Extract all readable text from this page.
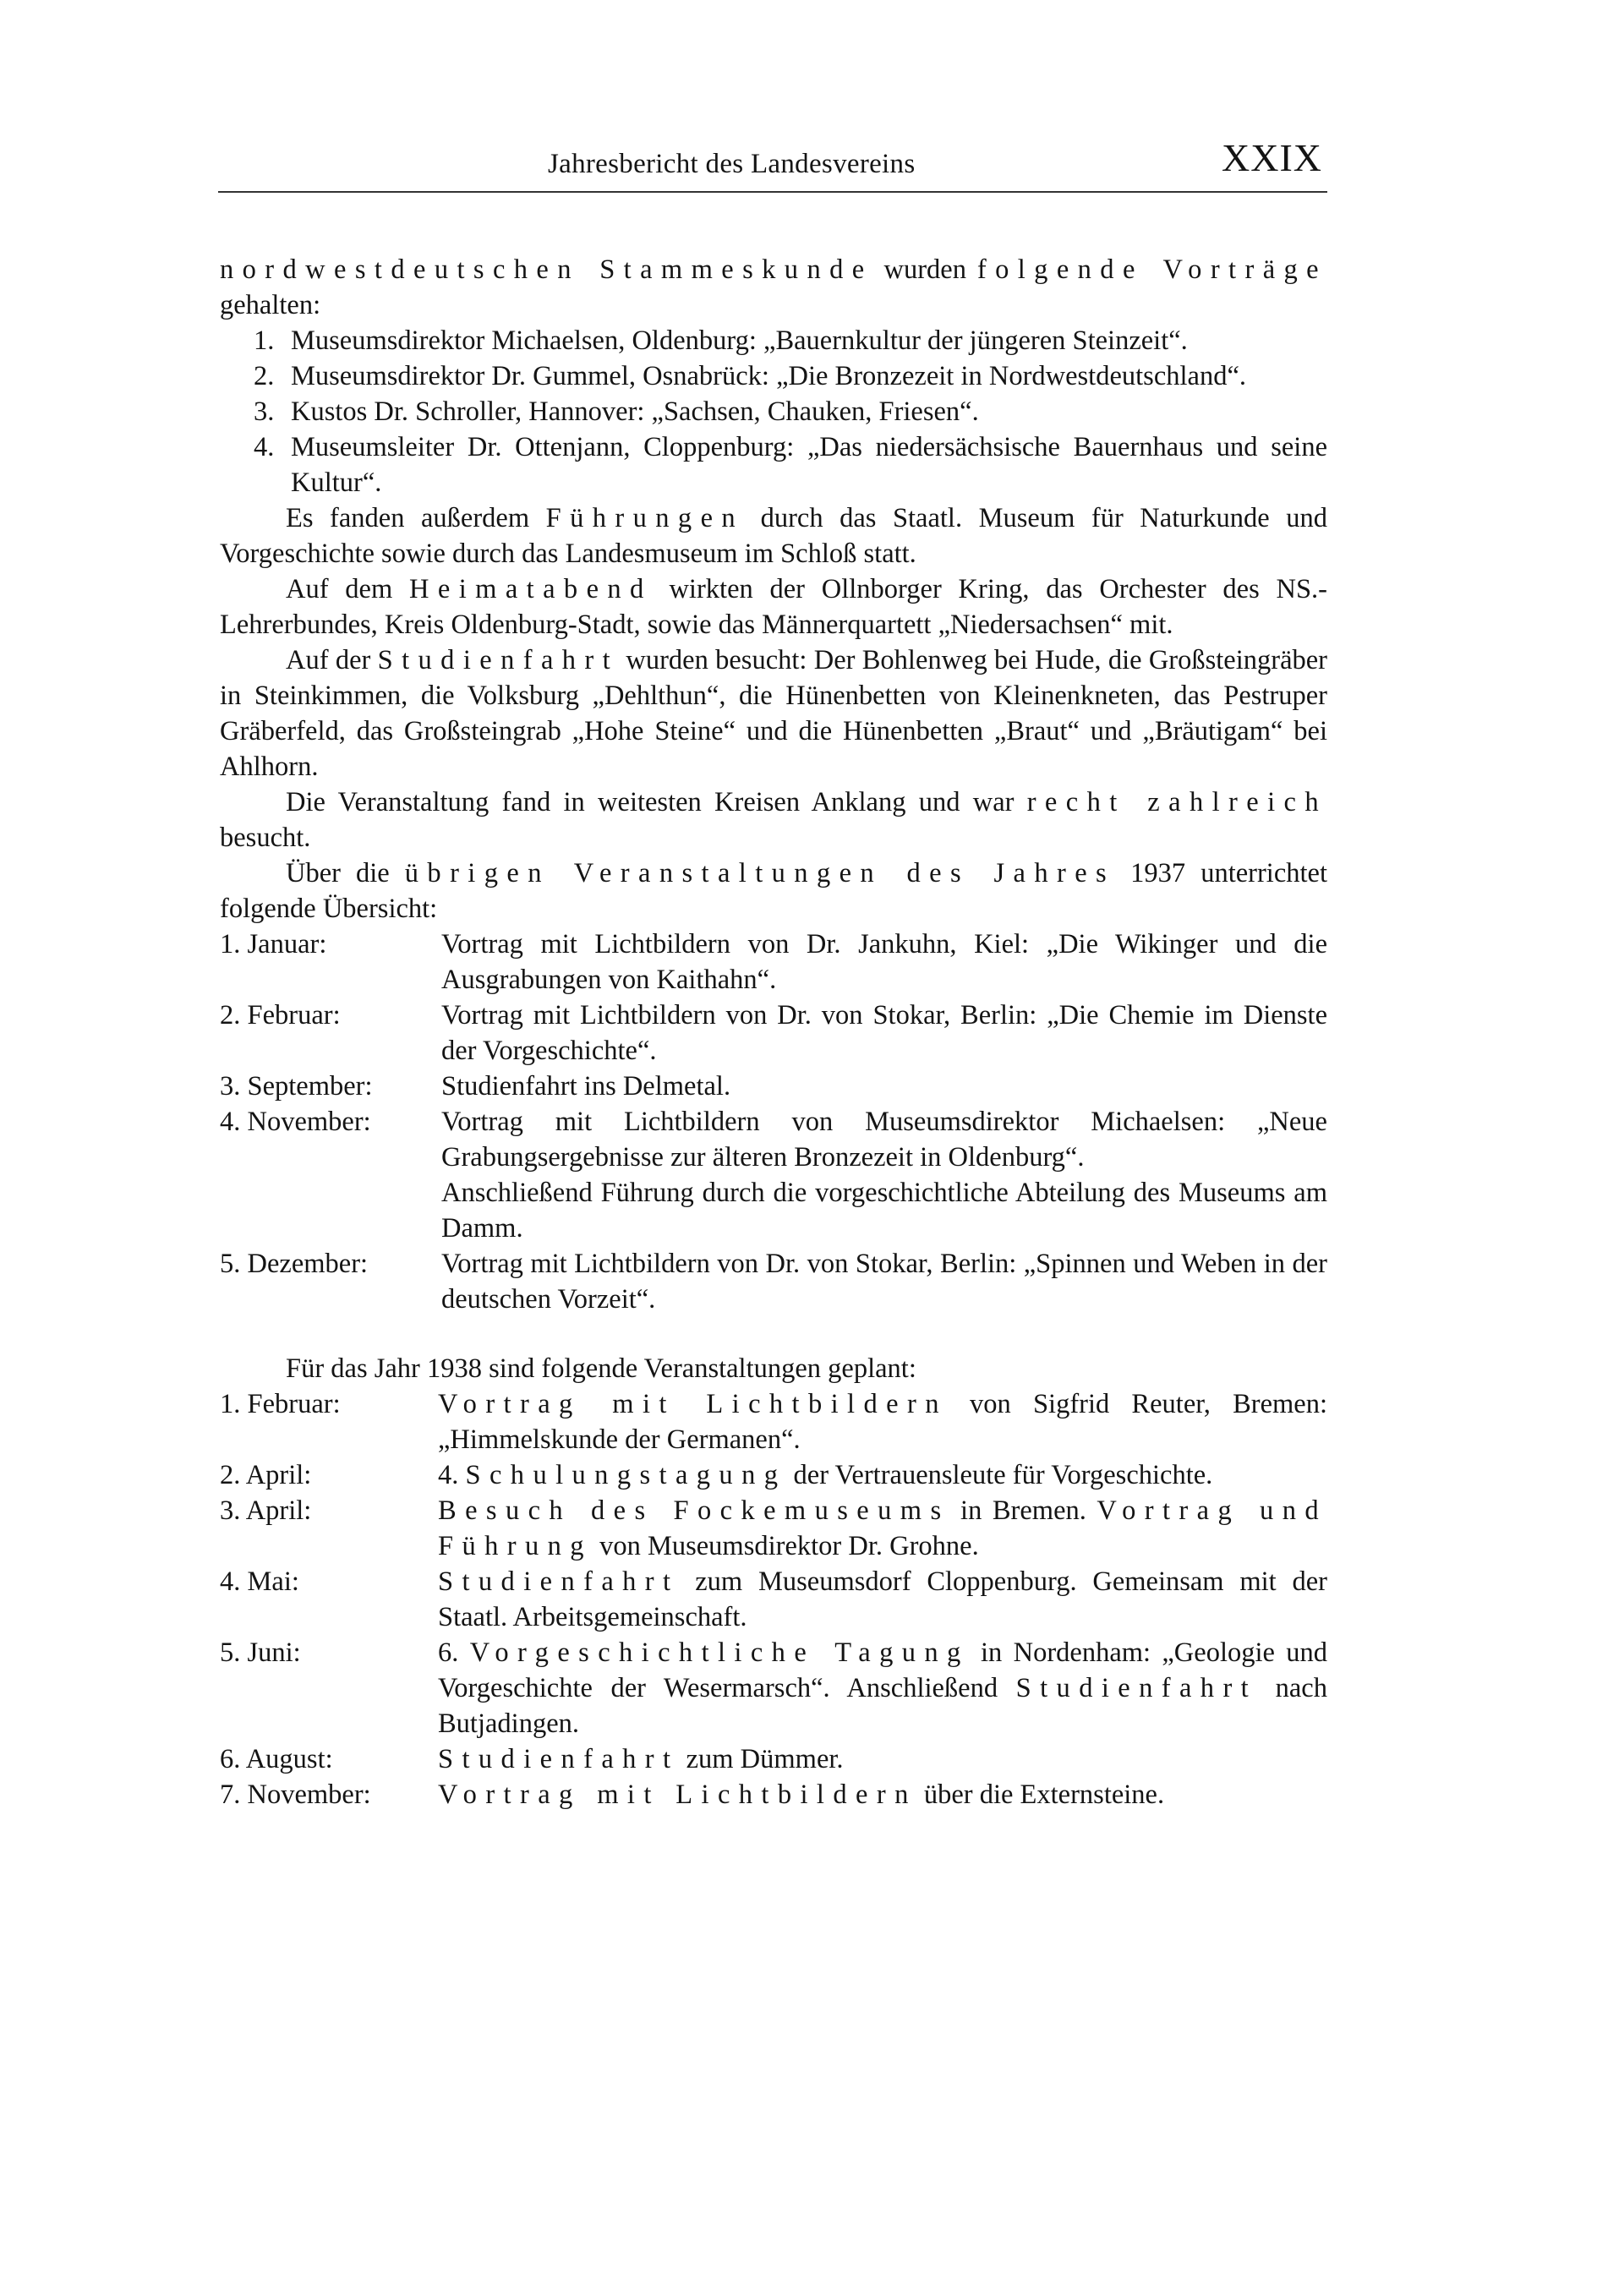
Jahresbericht des Landesvereins	XXIX

nordwestdeutschen Stammeskunde wurden folgende Vorträge gehalten:

1. Museumsdirektor Michaelsen, Oldenburg: „Bauernkultur der jüngeren Steinzeit“.
2. Museumsdirektor Dr. Gummel, Osnabrück: „Die Bronzezeit in Nordwestdeutschland“.
3. Kustos Dr. Schroller, Hannover: „Sachsen, Chauken, Friesen“.
4. Museumsleiter Dr. Ottenjann, Cloppenburg: „Das niedersächsische Bauernhaus und seine Kultur“.

Es fanden außerdem Führungen durch das Staatl. Museum für Naturkunde und Vorgeschichte sowie durch das Landesmuseum im Schloß statt.

Auf dem Heimatabend wirkten der Ollnborger Kring, das Orchester des NS.-Lehrerbundes, Kreis Oldenburg-Stadt, sowie das Männerquartett „Niedersachsen“ mit.

Auf der Studienfahrt wurden besucht: Der Bohlenweg bei Hude, die Großsteingräber in Steinkimmen, die Volksburg „Dehlthun“, die Hünenbetten von Kleinenkneten, das Pestruper Gräberfeld, das Großsteingrab „Hohe Steine“ und die Hünenbetten „Braut“ und „Bräutigam“ bei Ahlhorn.

Die Veranstaltung fand in weitesten Kreisen Anklang und war recht zahlreich besucht.

Über die übrigen Veranstaltungen des Jahres 1937 unterrichtet folgende Übersicht:

1. Januar:	Vortrag mit Lichtbildern von Dr. Jankuhn, Kiel: „Die Wikinger und die Ausgrabungen von Kaithahn“.
2. Februar:	Vortrag mit Lichtbildern von Dr. von Stokar, Berlin: „Die Chemie im Dienste der Vorgeschichte“.
3. September:	Studienfahrt ins Delmetal.
4. November:	Vortrag mit Lichtbildern von Museumsdirektor Michaelsen: „Neue Grabungsergebnisse zur älteren Bronzezeit in Oldenburg“.
Anschließend Führung durch die vorgeschichtliche Abteilung des Museums am Damm.
5. Dezember:	Vortrag mit Lichtbildern von Dr. von Stokar, Berlin: „Spinnen und Weben in der deutschen Vorzeit“.

Für das Jahr 1938 sind folgende Veranstaltungen geplant:

1. Februar:	Vortrag mit Lichtbildern von Sigfrid Reuter, Bremen: „Himmelskunde der Germanen“.
2. April:	4. Schulungstagung der Vertrauensleute für Vorgeschichte.
3. April:	Besuch des Fockemuseums in Bremen. Vortrag und Führung von Museumsdirektor Dr. Grohne.
4. Mai:	Studienfahrt zum Museumsdorf Cloppenburg. Gemeinsam mit der Staatl. Arbeitsgemeinschaft.
5. Juni:	6. Vorgeschichtliche Tagung in Nordenham: „Geologie und Vorgeschichte der Wesermarsch“. Anschließend Studienfahrt nach Butjadingen.
6. August:	Studienfahrt zum Dümmer.
7. November: Vortrag mit Lichtbildern über die Externsteine.
